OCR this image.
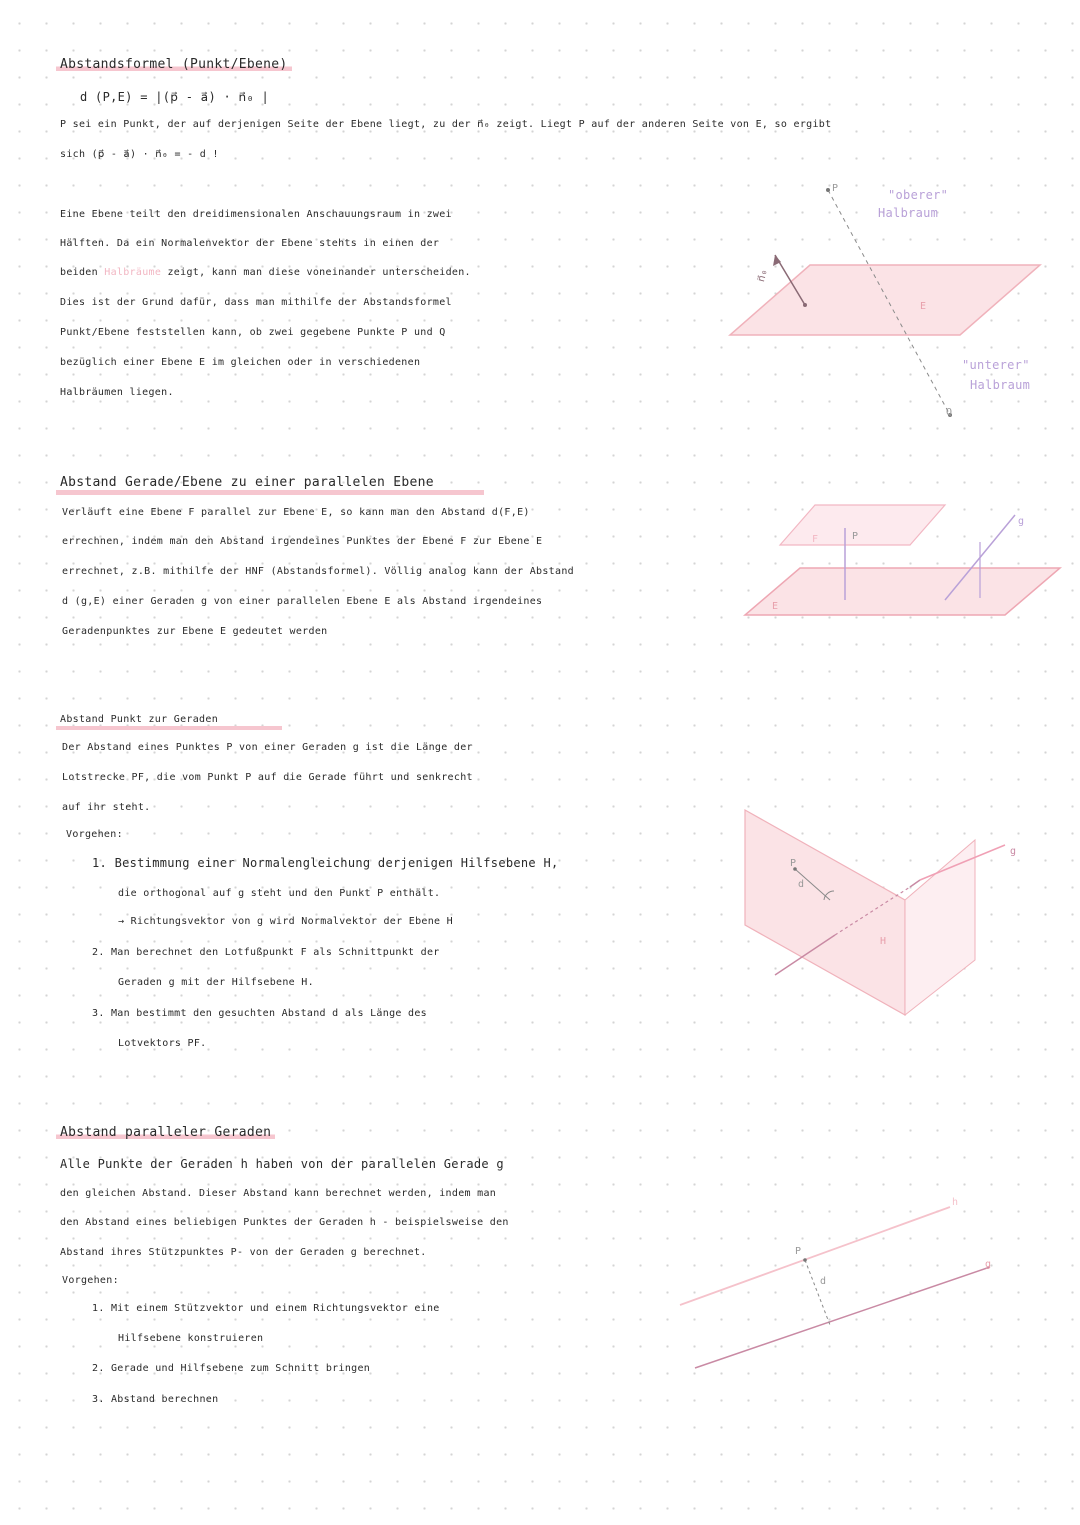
Abstandsformel (Punkt/Ebene)
d (P,E) = |(p⃗ - a⃗) · n⃗₀ |
P sei ein Punkt, der auf derjenigen Seite der Ebene liegt, zu der n⃗₀ zeigt. Liegt P auf der anderen Seite von E, so ergibt
sich (p⃗ - a⃗) · n⃗₀ = - d !
Eine Ebene teilt den dreidimensionalen Anschauungsraum in zwei
Hälften. Da ein Normalenvektor der Ebene stehts in einen der
beiden Halbräume zeigt, kann man diese voneinander unterscheiden.
Dies ist der Grund dafür, dass man mithilfe der Abstandsformel
Punkt/Ebene feststellen kann, ob zwei gegebene Punkte P und Q
bezüglich einer Ebene E im gleichen oder in verschiedenen
Halbräumen liegen.
P
Q
E
n⃗₀
"oberer"
Halbraum
"unterer"
Halbraum
Abstand Gerade/Ebene zu einer parallelen Ebene
Verläuft eine Ebene F parallel zur Ebene E, so kann man den Abstand d(F,E)
errechnen, indem man den Abstand irgendeines Punktes der Ebene F zur Ebene E
errechnet, z.B. mithilfe der HNF (Abstandsformel). Völlig analog kann der Abstand
d (g,E) einer Geraden g von einer parallelen Ebene E als Abstand irgendeines
Geradenpunktes zur Ebene E gedeutet werden
F	P
E
g
Abstand Punkt zur Geraden
Der Abstand eines Punktes P von einer Geraden g ist die Länge der
Lotstrecke PF, die vom Punkt P auf die Gerade führt und senkrecht
auf ihr steht.
Vorgehen:
1. Bestimmung einer Normalengleichung derjenigen Hilfsebene H,
die orthogonal auf g steht und den Punkt P enthält.
→ Richtungsvektor von g wird Normalvektor der Ebene H
2. Man berechnet den Lotfußpunkt F als Schnittpunkt der
Geraden g mit der Hilfsebene H.
3. Man bestimmt den gesuchten Abstand d als Länge des
Lotvektors PF.
g
H
P
d
Abstand paralleler Geraden
Alle Punkte der Geraden h haben von der parallelen Gerade g
den gleichen Abstand. Dieser Abstand kann berechnet werden, indem man
den Abstand eines beliebigen Punktes der Geraden h - beispielsweise den
Abstand ihres Stützpunktes P- von der Geraden g berechnet.
Vorgehen:
1. Mit einem Stützvektor und einem Richtungsvektor eine
Hilfsebene konstruieren
2. Gerade und Hilfsebene zum Schnitt bringen
3. Abstand berechnen
h
g
P
d
